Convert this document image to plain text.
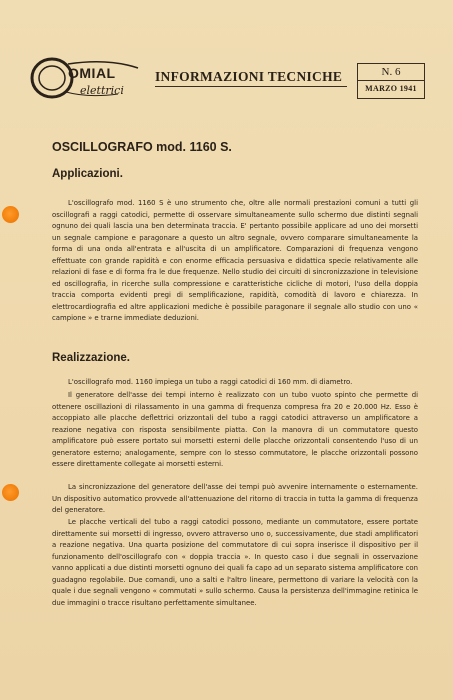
OMIAL
elettrici
INFORMAZIONI TECNICHE	N. 6
MARZO 1941
OSCILLOGRAFO mod. 1160 S.
Applicazioni.

L'oscillografo mod. 1160 S è uno strumento che, oltre alle normali prestazioni comuni a tutti gli oscillografi a raggi catodici, permette di osservare simultaneamente sullo schermo due distinti segnali ognuno dei quali lascia una ben determinata traccia. E' pertanto possibile applicare ad uno dei morsetti un segnale campione e paragonare a questo un altro segnale, ovvero comparare simultaneamente la forma di una onda all'entrata e all'uscita di un amplificatore. Comparazioni di frequenza vengono effettuate con grande rapidità e con enorme efficacia persuasiva e didattica specie relativamente alle relazioni di fase e di forma fra le due frequenze. Nello studio dei circuiti di sincronizzazione in televisione ed oscillografia, in ricerche sulla compressione e caratteristiche cicliche di motori, l'uso della doppia traccia comporta evidenti pregi di semplificazione, rapidità, comodità di lavoro e chiarezza. In elettrocardiografia ed altre applicazioni mediche è possibile paragonare il segnale allo studio con uno « campione » e trarne immediate deduzioni.

Realizzazione.

L'oscillografo mod. 1160 impiega un tubo a raggi catodici di 160 mm. di diametro.

Il generatore dell'asse dei tempi interno è realizzato con un tubo vuoto spinto che permette di ottenere oscillazioni di rilassamento in una gamma di frequenza compresa fra 20 e 20.000 Hz. Esso è accoppiato alle placche deflettrici orizzontali del tubo a raggi catodici attraverso un amplificatore a reazione negativa con risposta sensibilmente piatta. Con la manovra di un commutatore questo amplificatore può essere portato sui morsetti esterni delle placche orizzontali consentendo l'uso di un generatore esterno; analogamente, sempre con lo stesso commutatore, le placche orizzontali possono essere direttamente collegate ai morsetti esterni.

La sincronizzazione del generatore dell'asse dei tempi può avvenire internamente o esternamente. Un dispositivo automatico provvede all'attenuazione del ritorno di traccia in tutta la gamma di frequenza del generatore.

Le placche verticali del tubo a raggi catodici possono, mediante un commutatore, essere portate direttamente sui morsetti di ingresso, ovvero attraverso uno o, successivamente, due stadi amplificatori a reazione negativa. Una quarta posizione del commutatore di cui sopra inserisce il dispositivo per il funzionamento dell'oscillografo con « doppia traccia ». In questo caso i due segnali in osservazione vanno applicati a due distinti morsetti ognuno dei quali fa capo ad un separato sistema amplificatore con guadagno regolabile. Due comandi, uno a salti e l'altro lineare, permettono di variare la velocità con la quale i due segnali vengono « commutati » sullo schermo. Causa la persistenza dell'immagine retinica le due immagini o tracce risultano perfettamente simultanee.
